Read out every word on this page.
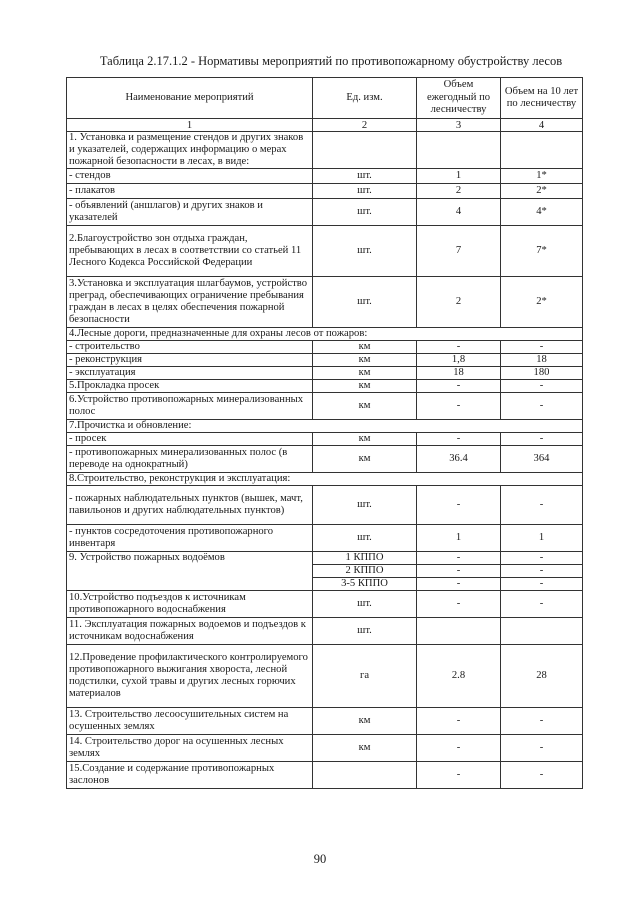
Таблица 2.17.1.2 - Нормативы мероприятий по противопожарному обустройству лесов
Наименование мероприятий	Ед. изм.	Объем ежегодный по лесничеству	Объем на 10 лет по лесничеству
1	2	3	4
1. Установка и размещение стендов и других знаков и указателей, содержащих информацию о мерах пожарной безопасности в лесах, в виде:			
- стендов	шт.	1	1*
- плакатов	шт.	2	2*
- объявлений (аншлагов) и других знаков и указателей	шт.	4	4*
2.Благоустройство зон отдыха граждан, пребывающих в лесах в соответствии со статьей 11 Лесного Кодекса Российской Федерации	шт.	7	7*
3.Установка и эксплуатация шлагбаумов, устройство преград, обеспечивающих ограничение пребывания граждан в лесах в целях обеспечения пожарной безопасности	шт.	2	2*
4.Лесные дороги, предназначенные для охраны лесов от пожаров:			
- строительство	км	-	-
- реконструкция	км	1,8	18
- эксплуатация	км	18	180
5.Прокладка просек	км	-	-
6.Устройство противопожарных минерализованных полос	км	-	-
7.Прочистка и обновление:			
- просек	км	-	-
- противопожарных минерализованных полос (в переводе на однократный)	км	36.4	364
8.Строительство, реконструкция и эксплуатация:			
- пожарных наблюдательных пунктов (вышек, мачт, павильонов и других наблюдательных пунктов)	шт.	-	-
- пунктов сосредоточения противопожарного инвентаря	шт.	1	1
9. Устройство пожарных водоёмов	1 КППО	-	-
	2 КППО	-	-
	3-5 КППО	-	-
10.Устройство подъездов к источникам противопожарного водоснабжения	шт.	-	-
11. Эксплуатация пожарных водоемов и подъездов к источникам водоснабжения	шт.		
12.Проведение профилактического контролируемого противопожарного выжигания хвороста, лесной подстилки, сухой травы и других лесных горючих материалов	га	2.8	28
13. Строительство лесоосушительных систем на осушенных землях	км	-	-
14. Строительство дорог на осушенных лесных землях	км	-	-
15.Создание и содержание противопожарных заслонов		-	-
90
